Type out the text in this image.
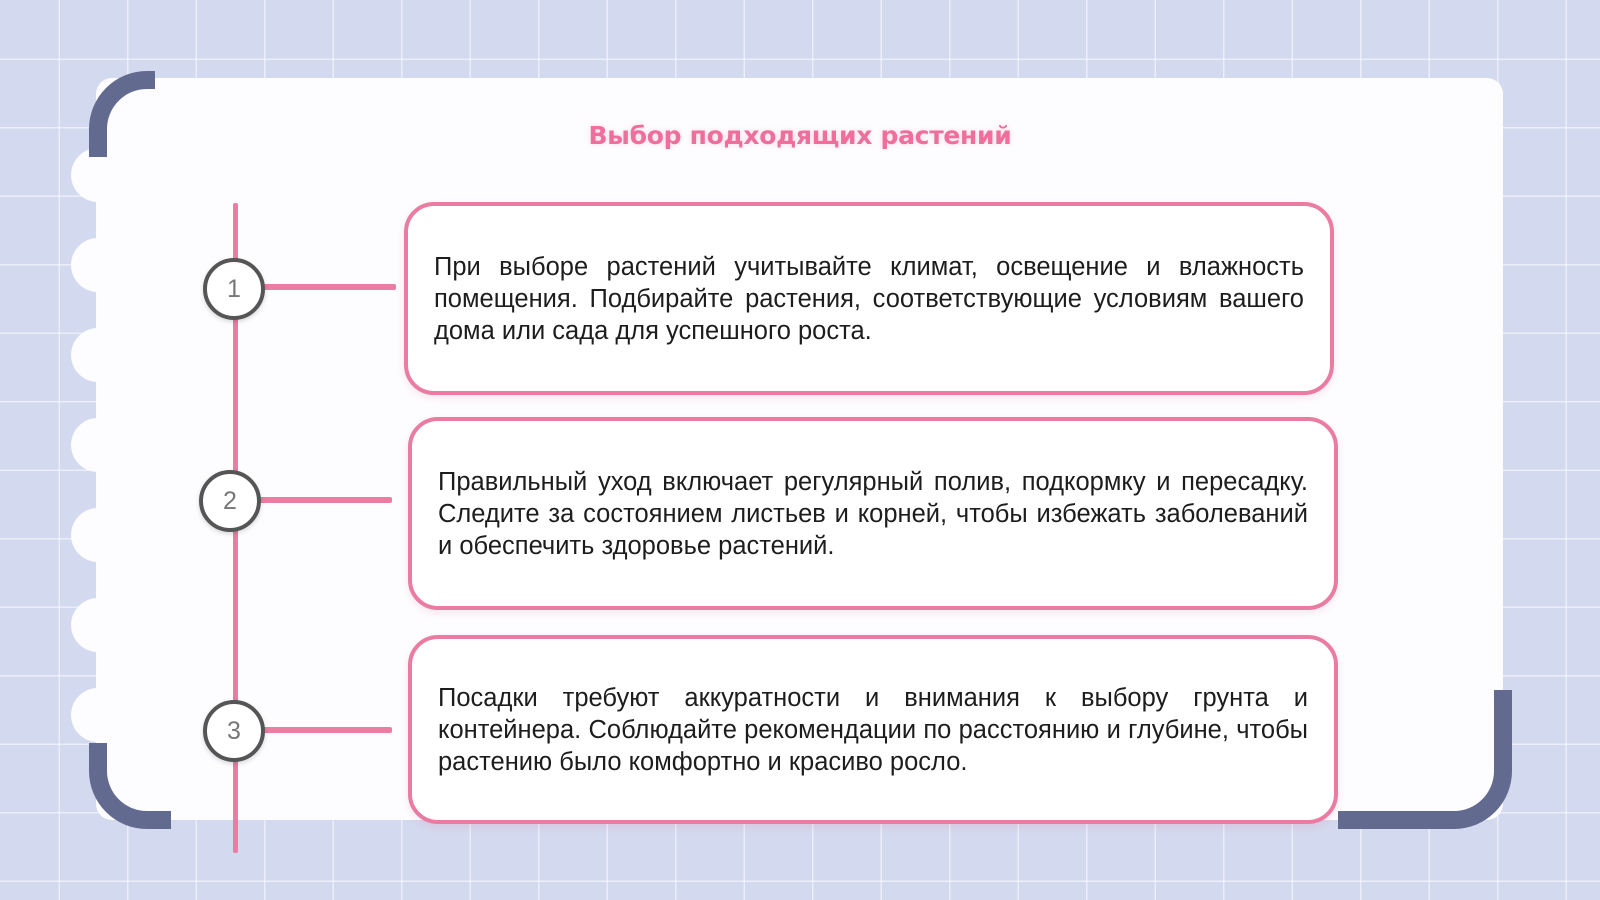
Выбор подходящих растений
1

При выборе растений учитывайте климат, освещение и влажность помещения. Подбирайте растения, соответствующие условиям вашего дома или сада для успешного роста.

2

Правильный уход включает регулярный полив, подкормку и пересадку. Следите за состоянием листьев и корней, чтобы избежать заболеваний и обеспечить здоровье растений.

3

Посадки требуют аккуратности и внимания к выбору грунта и контейнера. Соблюдайте рекомендации по расстоянию и глубине, чтобы растению было комфортно и красиво росло.
